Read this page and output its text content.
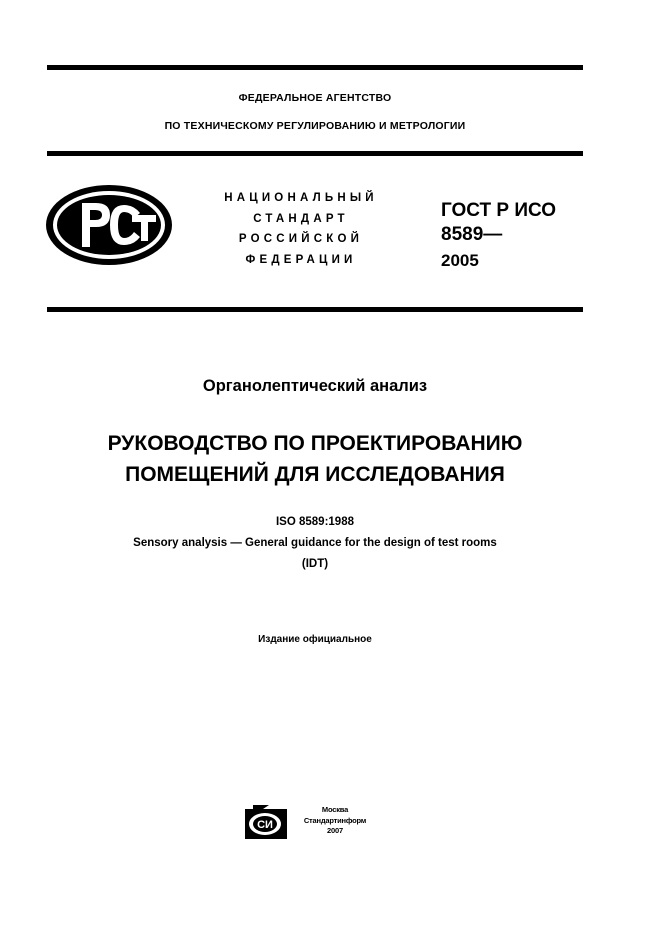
ФЕДЕРАЛЬНОЕ АГЕНТСТВО
ПО ТЕХНИЧЕСКОМУ РЕГУЛИРОВАНИЮ И МЕТРОЛОГИИ
НАЦИОНАЛЬНЫЙ
СТАНДАРТ
РОССИЙСКОЙ
ФЕДЕРАЦИИ
ГОСТ Р ИСО
8589—
2005
Органолептический анализ
РУКОВОДСТВО ПО ПРОЕКТИРОВАНИЮ
ПОМЕЩЕНИЙ ДЛЯ ИССЛЕДОВАНИЯ
ISO 8589:1988
Sensory analysis — General guidance for the design of test rooms
(IDT)
Издание официальное
СИ
Москва
Стандартинформ
2007
